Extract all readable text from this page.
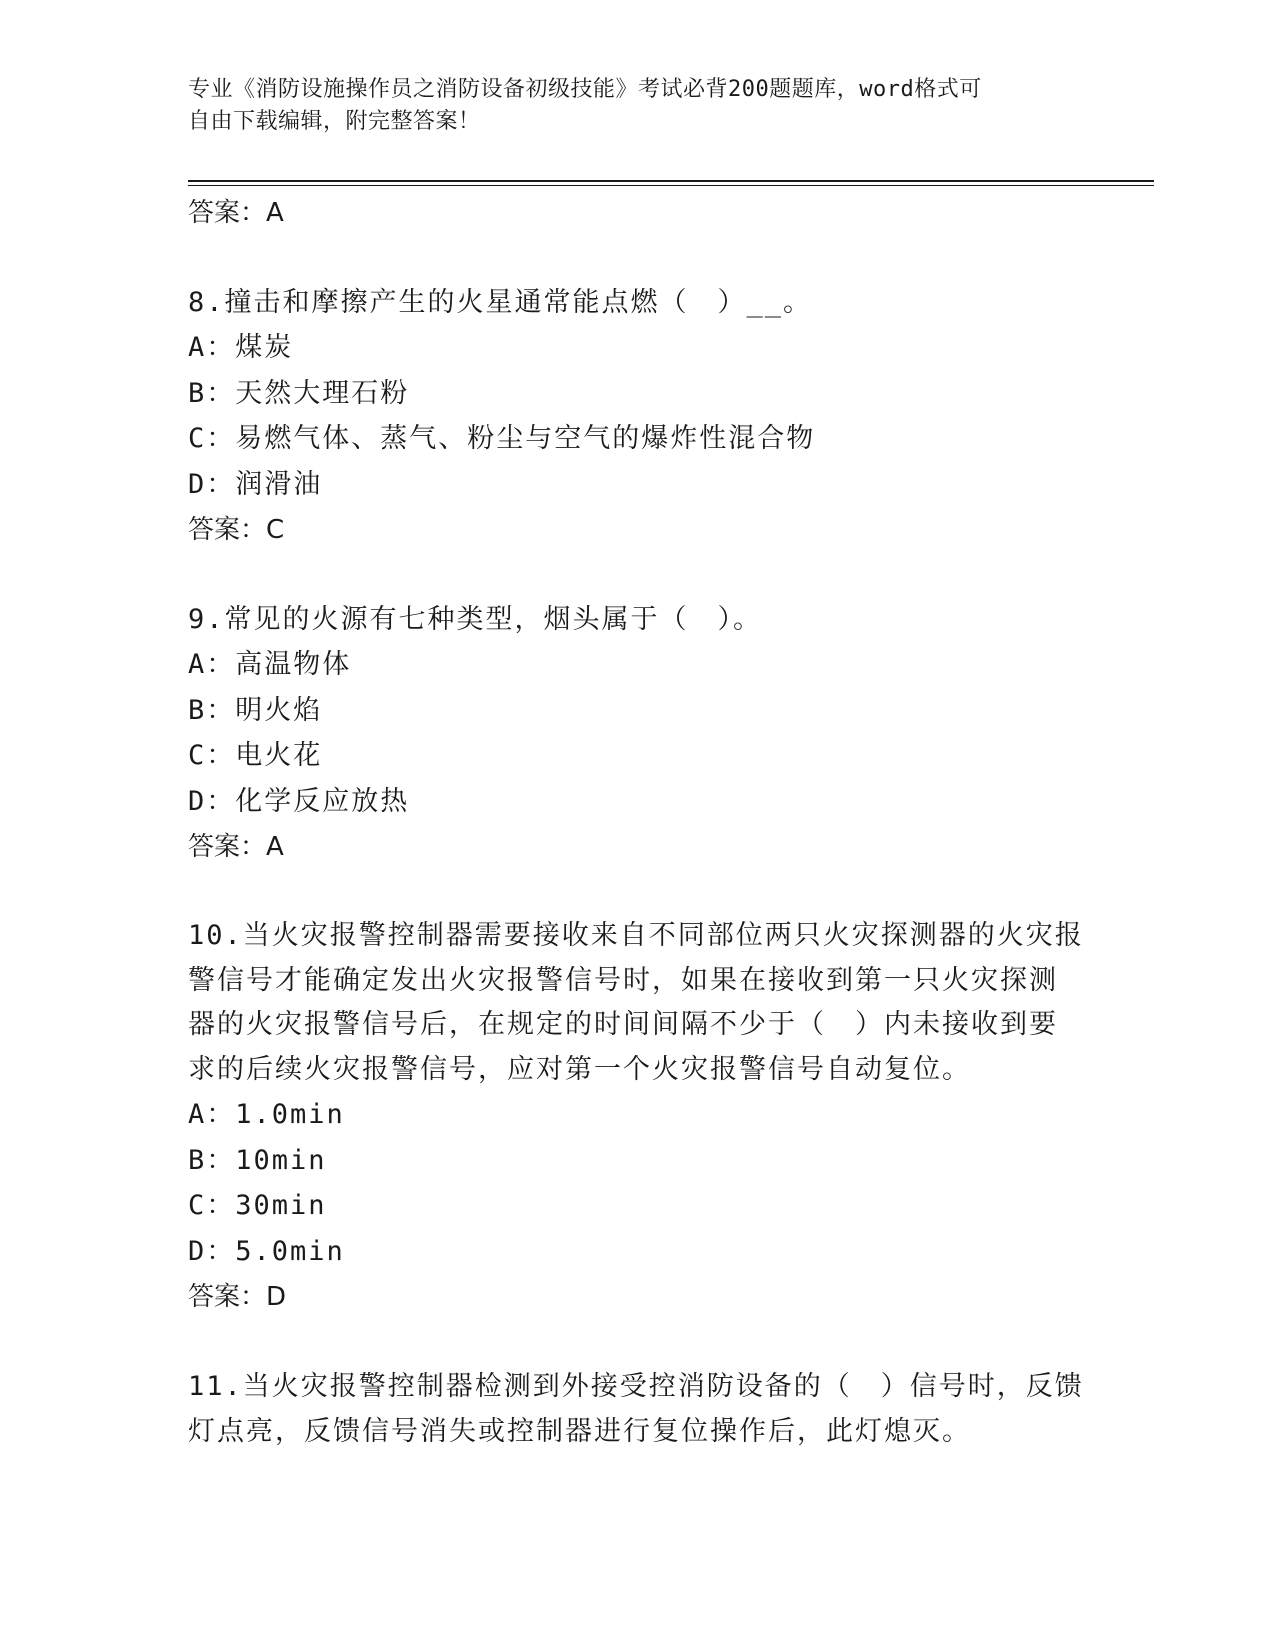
专业《消防设施操作员之消防设备初级技能》考试必背200题题库，word格式可
自由下载编辑，附完整答案！

答案：A

8.撞击和摩擦产生的火星通常能点燃（　）__。

A：煤炭

B：天然大理石粉

C：易燃气体、蒸气、粉尘与空气的爆炸性混合物

D：润滑油

答案：C

9.常见的火源有七种类型，烟头属于（　）。

A：高温物体

B：明火焰

C：电火花

D：化学反应放热

答案：A

10.当火灾报警控制器需要接收来自不同部位两只火灾探测器的火灾报

警信号才能确定发出火灾报警信号时，如果在接收到第一只火灾探测

器的火灾报警信号后，在规定的时间间隔不少于（　）内未接收到要

求的后续火灾报警信号，应对第一个火灾报警信号自动复位。

A：1.0min

B：10min

C：30min

D：5.0min

答案：D

11.当火灾报警控制器检测到外接受控消防设备的（　）信号时，反馈

灯点亮，反馈信号消失或控制器进行复位操作后，此灯熄灭。
